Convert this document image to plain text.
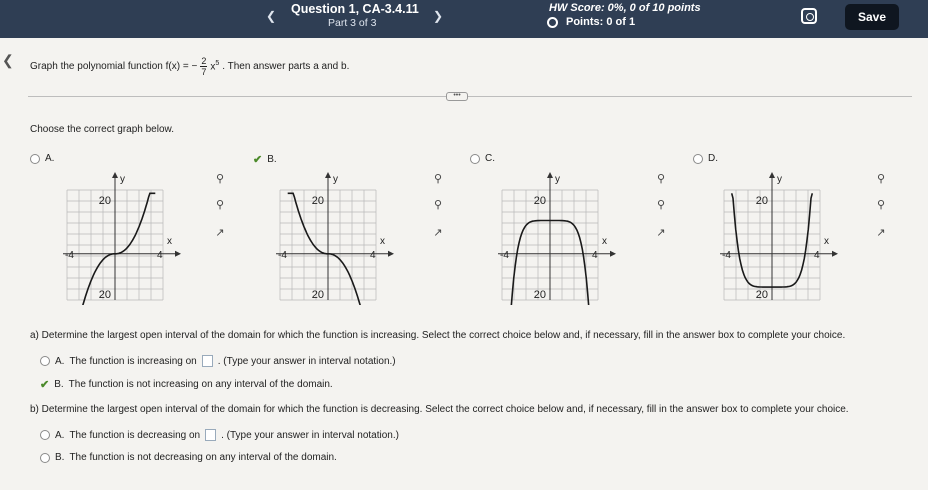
❮ Question 1, CA-3.4.11
Part 3 of 3	❯
HW Score: 0%, 0 of 10 points
Points: 0 of 1	Save
❮ Graph the polynomial function f(x) = − $\frac{2}{7} x^5$ . Then answer parts a and b.
•••
Choose the correct graph below.
A.	✔ B.	C.	D.
y
x
20
20
-4	4
y
x
20
20
-4	4
y
x
20
20
-4	4
y
x
20
20
-4	4
⚲
⚲
↗
⚲
⚲
↗
⚲
⚲
↗
⚲
⚲
↗
a) Determine the largest open interval of the domain for which the function is increasing. Select the correct choice below and, if necessary, fill in the answer box to complete your choice.
A. The function is increasing on . (Type your answer in interval notation.)
✔ B. The function is not increasing on any interval of the domain.
b) Determine the largest open interval of the domain for which the function is decreasing. Select the correct choice below and, if necessary, fill in the answer box to complete your choice.
A. The function is decreasing on . (Type your answer in interval notation.)
B. The function is not decreasing on any interval of the domain.
